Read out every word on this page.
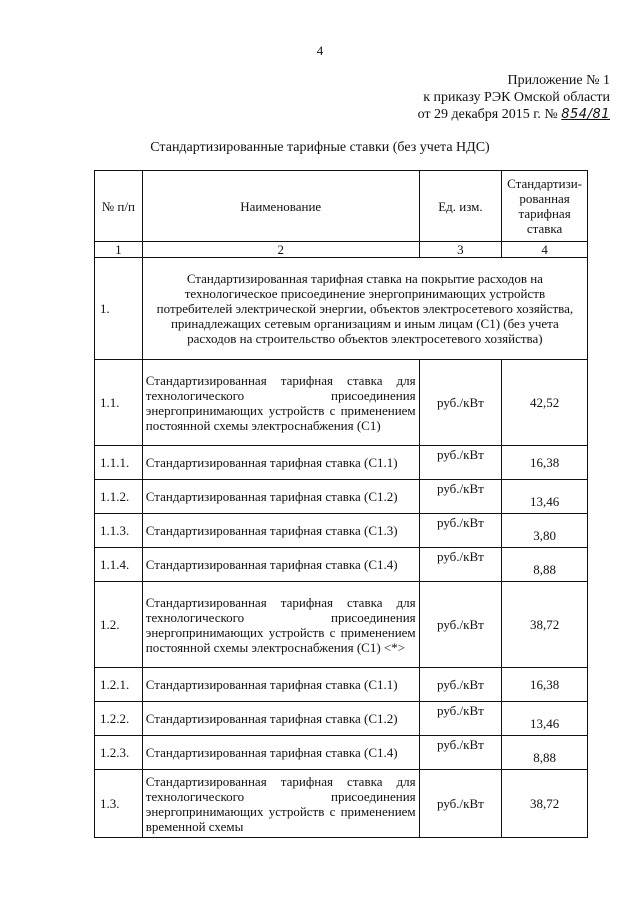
4
Приложение № 1
к приказу РЭК Омской области
от 29 декабря 2015 г. № 854/81
Стандартизированные тарифные ставки (без учета НДС)
№ п/п	Наименование	Ед. изм.	Стандартизи-рованная тарифная ставка
1	2	3	4
1.	Стандартизированная тарифная ставка на покрытие расходов на технологическое присоединение энергопринимающих устройств потребителей электрической энергии, объектов электросетевого хозяйства, принадлежащих сетевым организациям и иным лицам (С1) (без учета расходов на строительство объектов электросетевого хозяйства)		
1.1.	Стандартизированная тарифная ставка для технологического присоединения энергопринимающих устройств с применением постоянной схемы электроснабжения (С1)	руб./кВт	42,52
1.1.1.	Стандартизированная тарифная ставка (С1.1)	руб./кВт	16,38
1.1.2.	Стандартизированная тарифная ставка (С1.2)	руб./кВт	13,46
1.1.3.	Стандартизированная тарифная ставка (С1.3)	руб./кВт	3,80
1.1.4.	Стандартизированная тарифная ставка (С1.4)	руб./кВт	8,88
1.2.	Стандартизированная тарифная ставка для технологического присоединения энергопринимающих устройств с применением постоянной схемы электроснабжения (С1) <*>	руб./кВт	38,72
1.2.1.	Стандартизированная тарифная ставка (С1.1)	руб./кВт	16,38
1.2.2.	Стандартизированная тарифная ставка (С1.2)	руб./кВт	13,46
1.2.3.	Стандартизированная тарифная ставка (С1.4)	руб./кВт	8,88
1.3.	Стандартизированная тарифная ставка для технологического присоединения энергопринимающих устройств с применением временной схемы	руб./кВт	38,72
